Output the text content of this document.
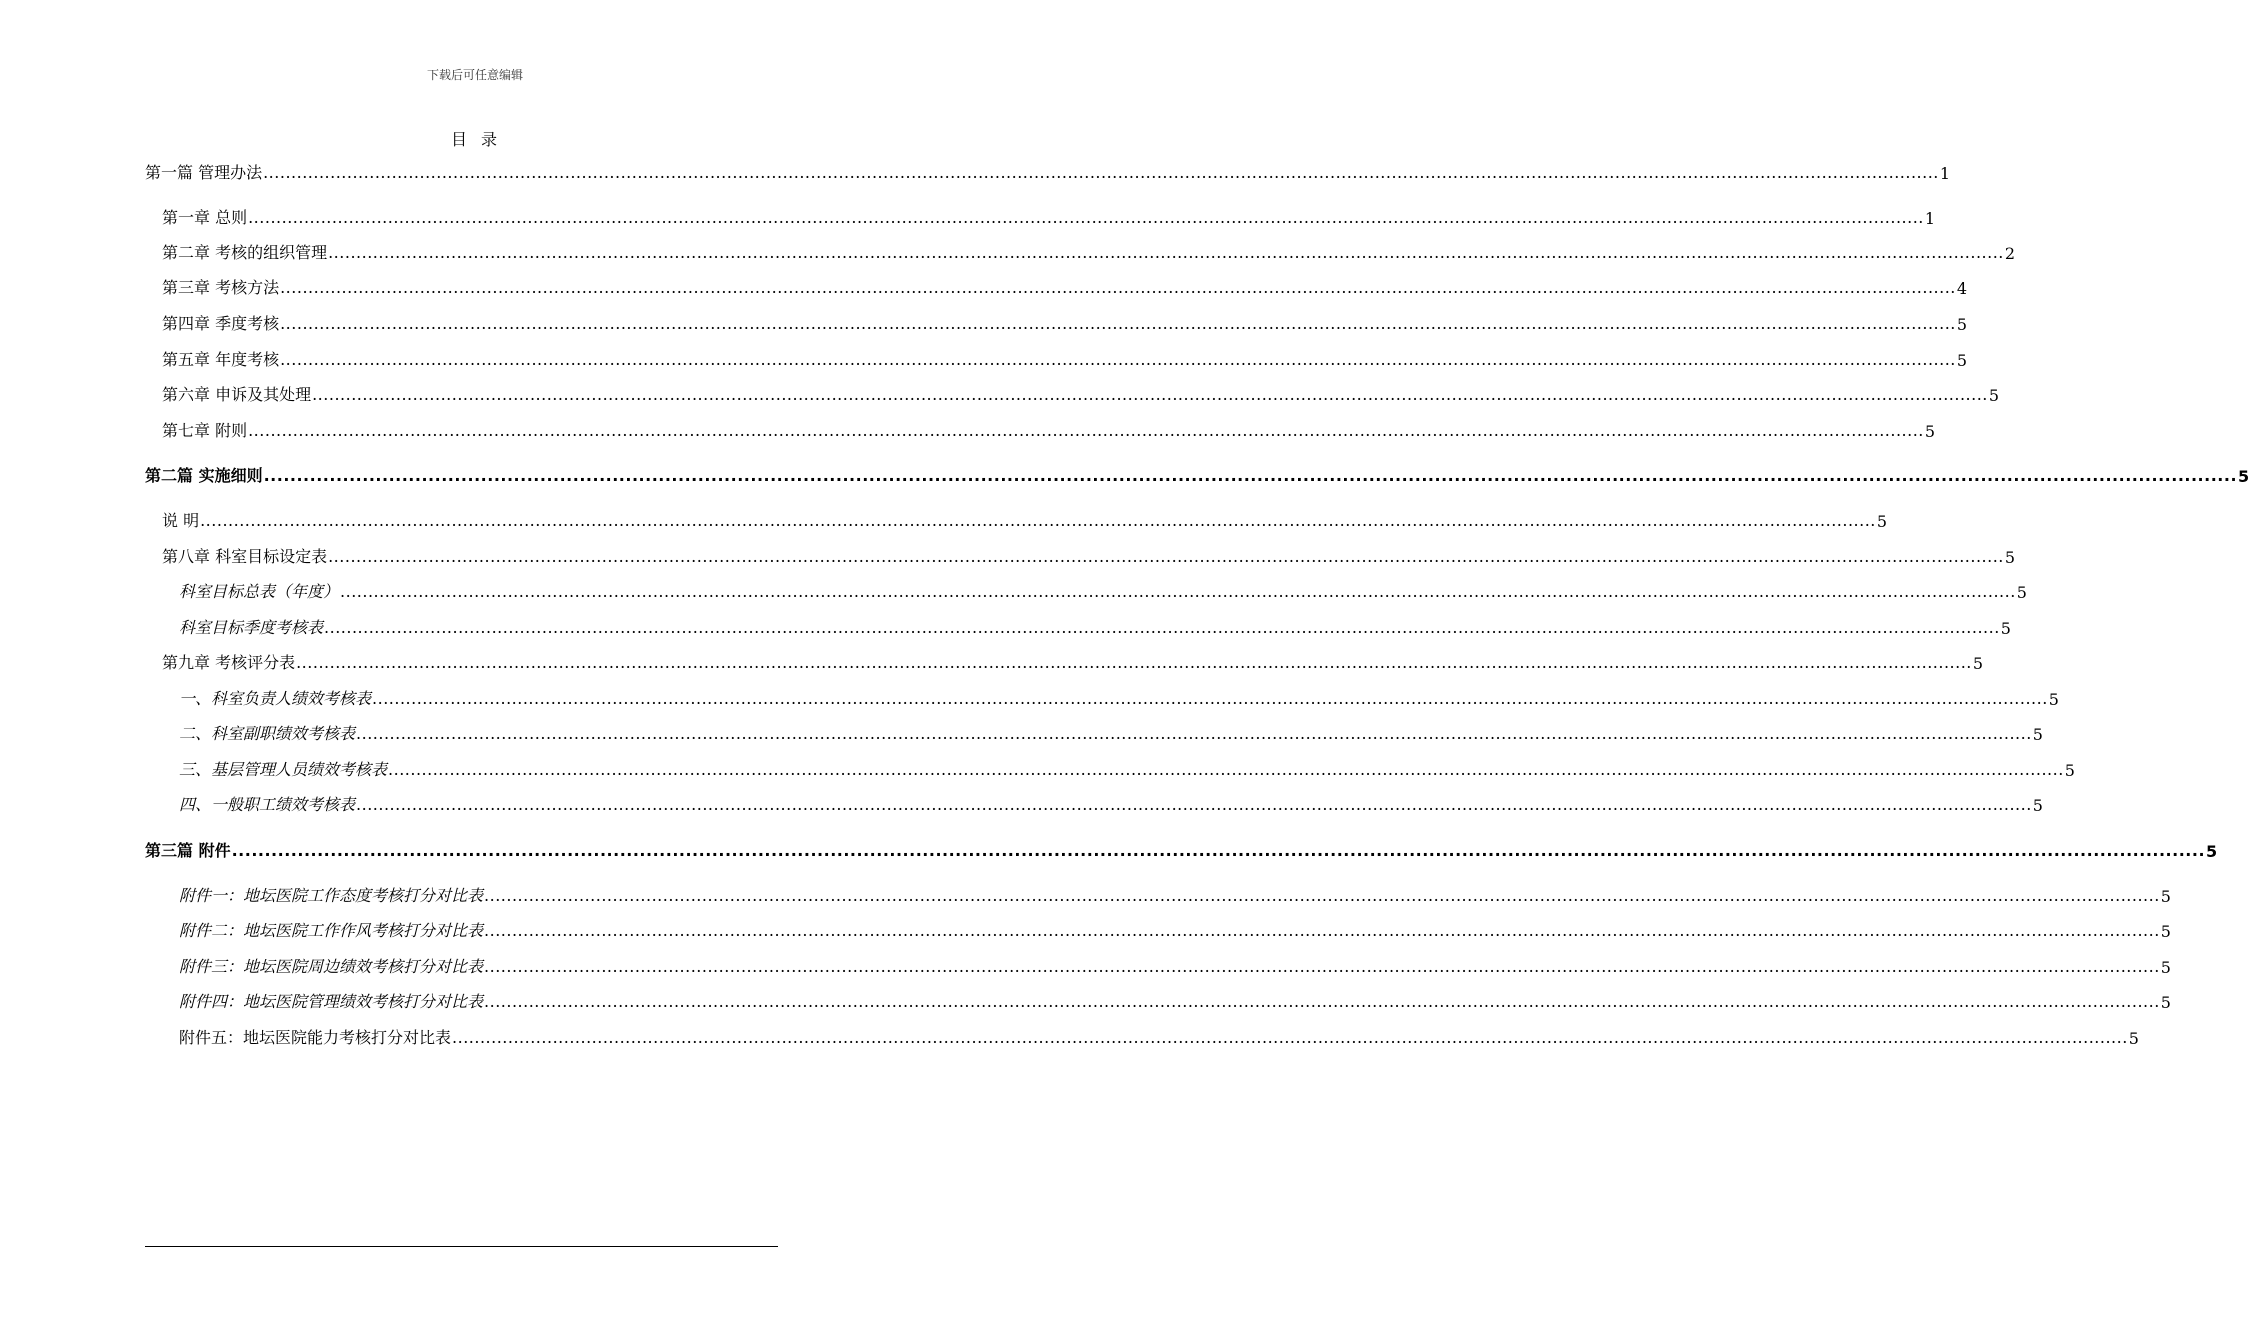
下载后可任意编辑
目 录
第一篇 管理办法 ............................................................................................................................................................................................................................................................................................................ 1
第一章 总则 ............................................................................................................................................................................................................................................................................................................ 1
第二章 考核的组织管理 ............................................................................................................................................................................................................................................................................................................ 2
第三章 考核方法 ............................................................................................................................................................................................................................................................................................................ 4
第四章 季度考核 ............................................................................................................................................................................................................................................................................................................ 5
第五章 年度考核 ............................................................................................................................................................................................................................................................................................................ 5
第六章 申诉及其处理 ............................................................................................................................................................................................................................................................................................................ 5
第七章 附则 ............................................................................................................................................................................................................................................................................................................ 5
第二篇 实施细则 ............................................................................................................................................................................................................................................................................................................ 5
说 明 ............................................................................................................................................................................................................................................................................................................ 5
第八章 科室目标设定表 ............................................................................................................................................................................................................................................................................................................ 5
科室目标总表（年度） ............................................................................................................................................................................................................................................................................................................ 5
科室目标季度考核表 ............................................................................................................................................................................................................................................................................................................ 5
第九章 考核评分表 ............................................................................................................................................................................................................................................................................................................ 5
一、科室负责人绩效考核表 ............................................................................................................................................................................................................................................................................................................ 5
二、科室副职绩效考核表 ............................................................................................................................................................................................................................................................................................................ 5
三、基层管理人员绩效考核表 ............................................................................................................................................................................................................................................................................................................ 5
四、一般职工绩效考核表 ............................................................................................................................................................................................................................................................................................................ 5
第三篇 附件 ............................................................................................................................................................................................................................................................................................................ 5
附件一：地坛医院工作态度考核打分对比表 ............................................................................................................................................................................................................................................................................................................ 5
附件二：地坛医院工作作风考核打分对比表 ............................................................................................................................................................................................................................................................................................................ 5
附件三：地坛医院周边绩效考核打分对比表 ............................................................................................................................................................................................................................................................................................................ 5
附件四：地坛医院管理绩效考核打分对比表 ............................................................................................................................................................................................................................................................................................................ 5
附件五：地坛医院能力考核打分对比表 ............................................................................................................................................................................................................................................................................................................ 5
